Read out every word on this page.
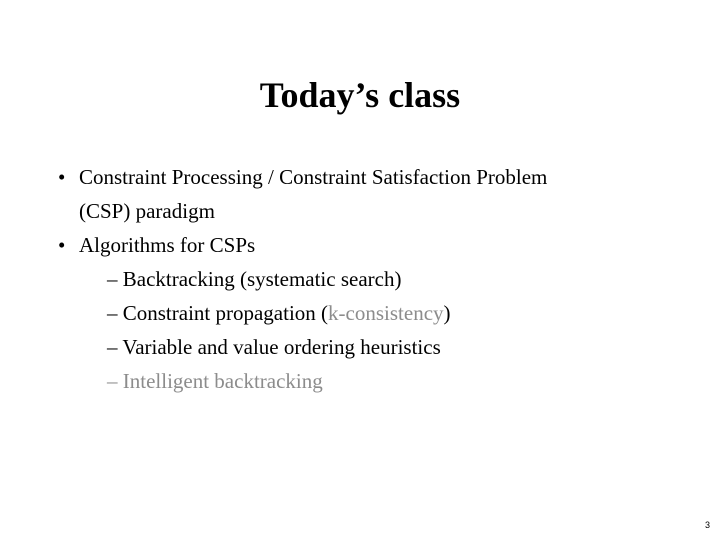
Today’s class
• Constraint Processing / Constraint Satisfaction Problem
(CSP) paradigm
• Algorithms for CSPs
– Backtracking (systematic search)
– Constraint propagation (k-consistency)
– Variable and value ordering heuristics
– Intelligent backtracking
3
